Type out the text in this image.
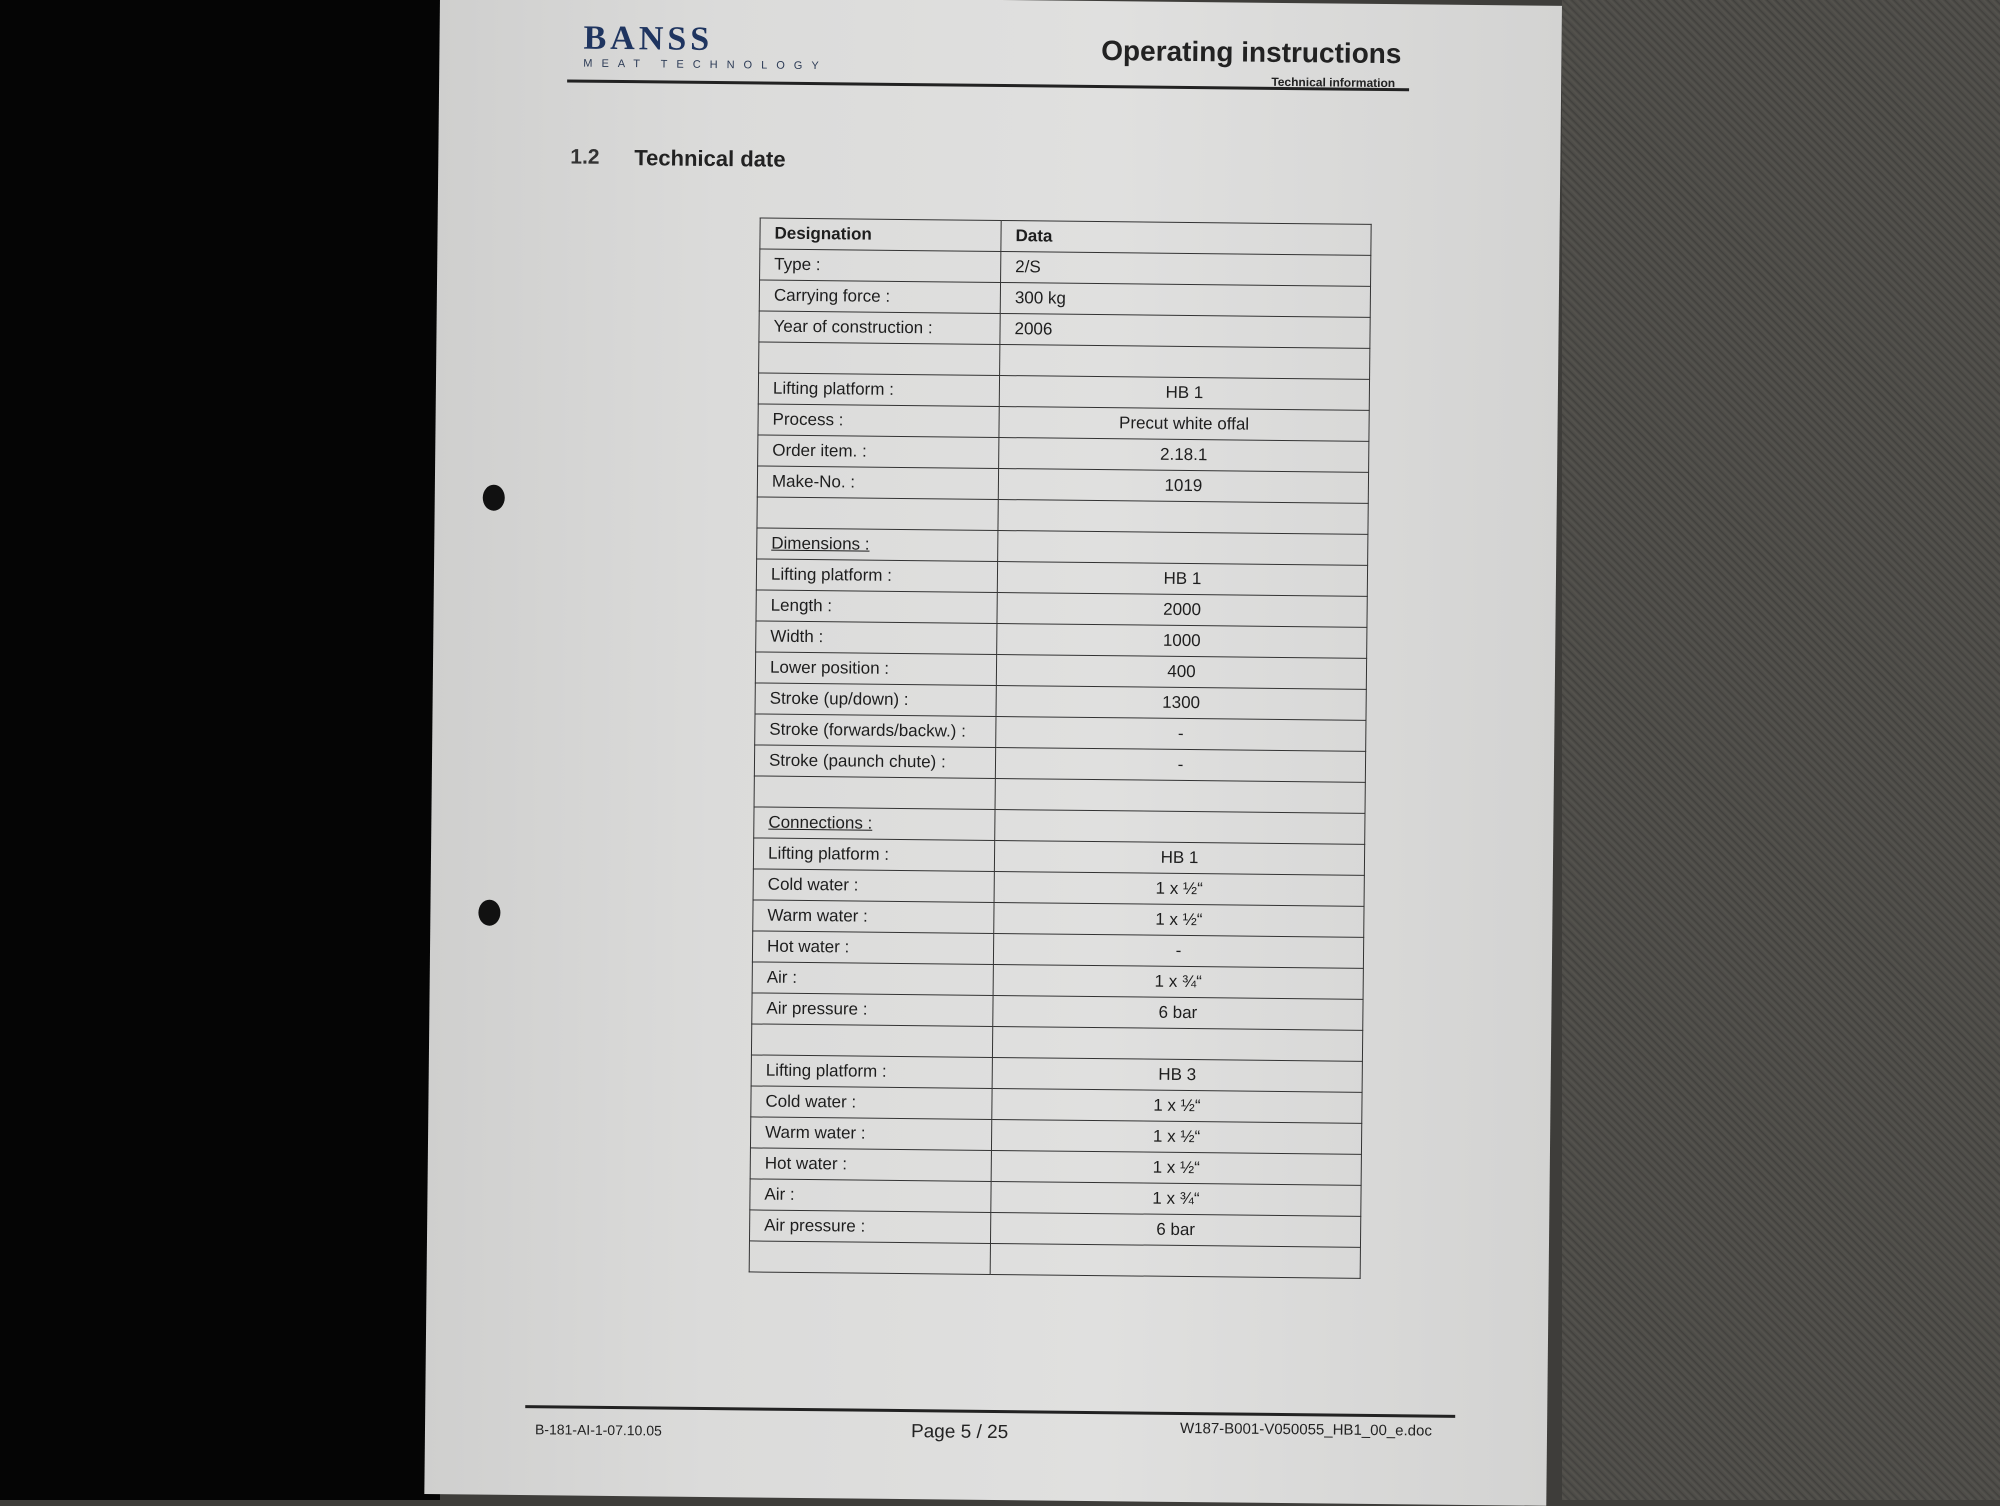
BANSS
MEAT TECHNOLOGY	Operating instructions
Technical information
1.2 Technical date
Designation	Data
Type :	2/S
Carrying force :	300 kg
Year of construction :	2006

Lifting platform :	HB 1
Process :	Precut white offal
Order item. :	2.18.1
Make-No. :	1019

Dimensions :	
Lifting platform :	HB 1
Length :	2000
Width :	1000
Lower position :	400
Stroke (up/down) :	1300
Stroke (forwards/backw.) :	-
Stroke (paunch chute) :	-

Connections :	
Lifting platform :	HB 1
Cold water :	1 x ½“
Warm water :	1 x ½“
Hot water :	-
Air :	1 x ¾“
Air pressure :	6 bar

Lifting platform :	HB 3
Cold water :	1 x ½“
Warm water :	1 x ½“
Hot water :	1 x ½“
Air :	1 x ¾“
Air pressure :	6 bar

B-181-AI-1-07.10.05	Page 5 / 25	W187-B001-V050055_HB1_00_e.doc
